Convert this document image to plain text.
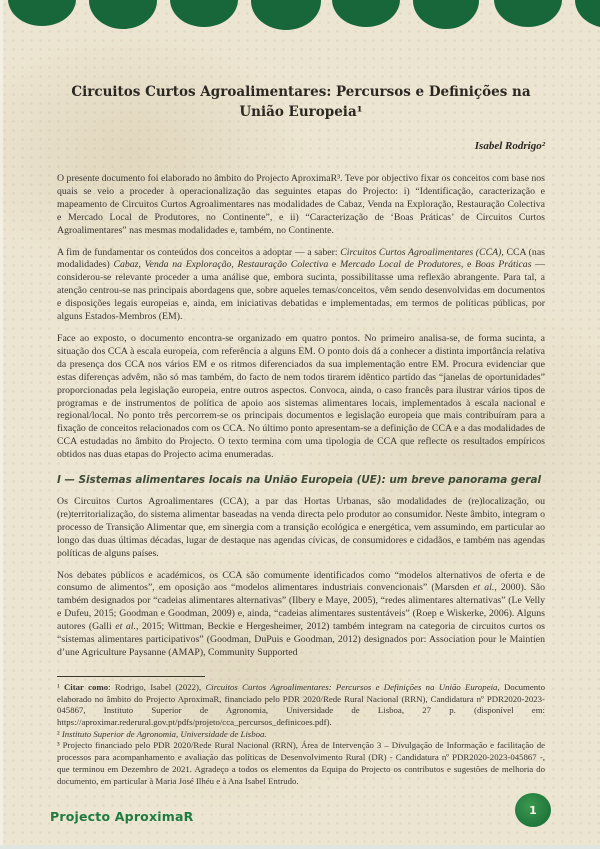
Circuitos Curtos Agroalimentares: Percursos e Definições na União Europeia¹
Isabel Rodrigo²

O presente documento foi elaborado no âmbito do Projecto AproximaR³. Teve por objectivo fixar os conceitos com base nos quais se veio a proceder à operacionalização das seguintes etapas do Projecto: i) “Identificação, caracterização e mapeamento de Circuitos Curtos Agroalimentares nas modalidades de Cabaz, Venda na Exploração, Restauração Colectiva e Mercado Local de Produtores, no Continente”, e ii) “Caracterização de ‘Boas Práticas’ de Circuitos Curtos Agroalimentares” nas mesmas modalidades e, também, no Continente.

A fim de fundamentar os conteúdos dos conceitos a adoptar — a saber: Circuitos Curtos Agroalimentares (CCA), CCA (nas modalidades) Cabaz, Venda na Exploração, Restauração Colectiva e Mercado Local de Produtores, e Boas Práticas — considerou-se relevante proceder a uma análise que, embora sucinta, possibilitasse uma reflexão abrangente. Para tal, a atenção centrou-se nas principais abordagens que, sobre aqueles temas/conceitos, vêm sendo desenvolvidas em documentos e disposições legais europeias e, ainda, em iniciativas debatidas e implementadas, em termos de políticas públicas, por alguns Estados-Membros (EM).

Face ao exposto, o documento encontra-se organizado em quatro pontos. No primeiro analisa-se, de forma sucinta, a situação dos CCA à escala europeia, com referência a alguns EM. O ponto dois dá a conhecer a distinta importância relativa da presença dos CCA nos vários EM e os ritmos diferenciados da sua implementação entre EM. Procura evidenciar que estas diferenças advêm, não só mas também, do facto de nem todos tirarem idêntico partido das “janelas de oportunidades” proporcionadas pela legislação europeia, entre outros aspectos. Convoca, ainda, o caso francês para ilustrar vários tipos de programas e de instrumentos de política de apoio aos sistemas alimentares locais, implementados à escala nacional e regional/local. No ponto três percorrem-se os principais documentos e legislação europeia que mais contribuíram para a fixação de conceitos relacionados com os CCA. No último ponto apresentam-se a definição de CCA e a das modalidades de CCA estudadas no âmbito do Projecto. O texto termina com uma tipologia de CCA que reflecte os resultados empíricos obtidos nas duas etapas do Projecto acima enumeradas.

I — Sistemas alimentares locais na União Europeia (UE): um breve panorama geral

Os Circuitos Curtos Agroalimentares (CCA), a par das Hortas Urbanas, são modalidades de (re)localização, ou (re)territorialização, do sistema alimentar baseadas na venda directa pelo produtor ao consumidor. Neste âmbito, integram o processo de Transição Alimentar que, em sinergia com a transição ecológica e energética, vem assumindo, em particular ao longo das duas últimas décadas, lugar de destaque nas agendas cívicas, de consumidores e cidadãos, e também nas agendas políticas de alguns países.

Nos debates públicos e académicos, os CCA são comumente identificados como “modelos alternativos de oferta e de consumo de alimentos”, em oposição aos “modelos alimentares industriais convencionais” (Marsden et al., 2000). São também designados por “cadeias alimentares alternativas” (Ilbery e Maye, 2005), “redes alimentares alternativas” (Le Velly e Dufeu, 2015; Goodman e Goodman, 2009) e, ainda, “cadeias alimentares sustentáveis” (Roep e Wiskerke, 2006). Alguns autores (Galli et al., 2015; Wittman, Beckie e Hergesheimer, 2012) também integram na categoria de circuitos curtos os “sistemas alimentares participativos” (Goodman, DuPuis e Goodman, 2012) designados por: Association pour le Maintien d’une Agriculture Paysanne (AMAP), Community Supported

¹ Citar como: Rodrigo, Isabel (2022), Circuitos Curtos Agroalimentares: Percursos e Definições na União Europeia, Documento elaborado no âmbito do Projecto AproximaR, financiado pelo PDR 2020/Rede Rural Nacional (RRN), Candidatura nº PDR2020-2023-045867, Instituto Superior de Agronomia, Universidade de Lisboa, 27 p. (disponível em: https://aproximar.rederural.gov.pt/pdfs/projeto/cca_percursos_definicoes.pdf).

² Instituto Superior de Agronomia, Universidade de Lisboa.

³ Projecto financiado pelo PDR 2020/Rede Rural Nacional (RRN), Área de Intervenção 3 – Divulgação de Informação e facilitação de processos para acompanhamento e avaliação das políticas de Desenvolvimento Rural (DR) - Candidatura nº PDR2020-2023-045867 -, que terminou em Dezembro de 2021. Agradeço a todos os elementos da Equipa do Projecto os contributos e sugestões de melhoria do documento, em particular à Maria José Ilhéu e à Ana Isabel Entrudo.

Projecto AproximaR	1
